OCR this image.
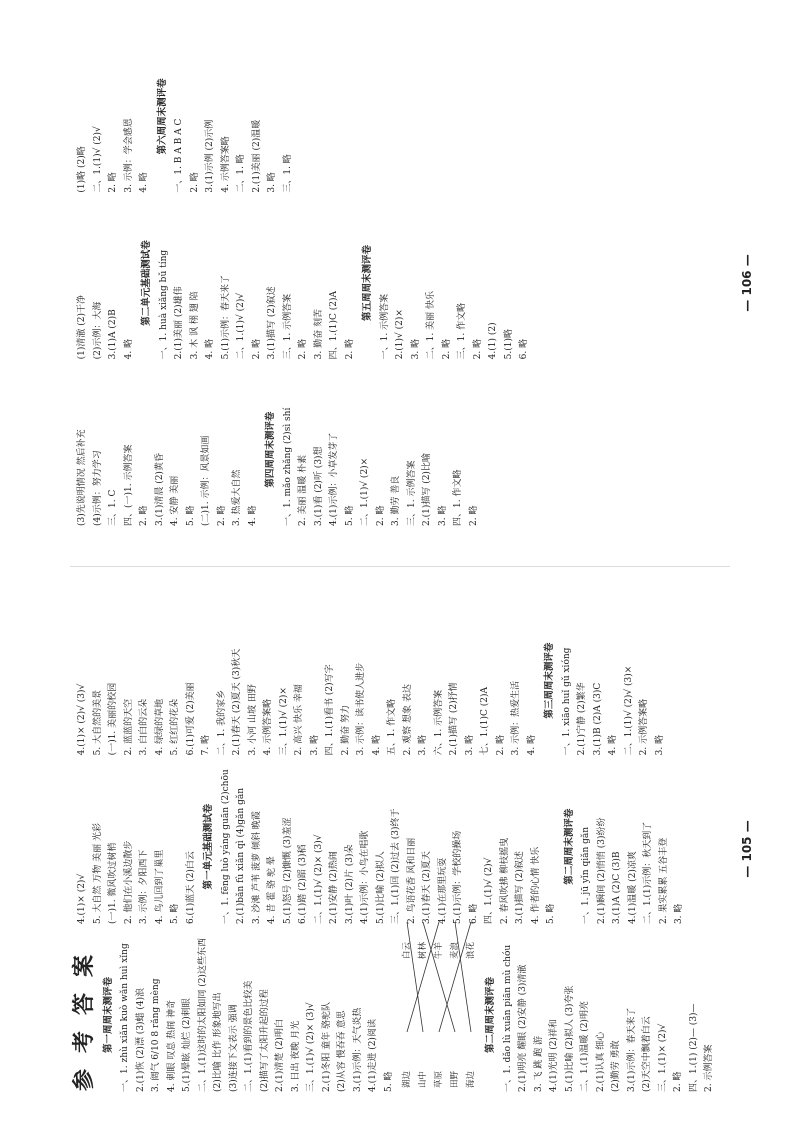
参考答案 第一周周末测评卷 一、1. zhù xiǎn kuò wǎn huì xǐng 2.(1)恢 (2)漂 (3)蜡 (4)浪 3. 阔气 6/10 8 rǎng mèng 4. 刺眼 叹息 热闹 神奇 5.(1)晕眩 灿烂 (2)刺眼 二、1.(1)这时的太阳如同 (2)这些东西 (2)比喻 比作 形象地写出 (3)连接下文表示 强调 二、1.(1)看到的景色比较美 (2)描写了太阳升起的过程 2.(1)清楚 (2)明白 3. 日出 夜晚 月光 三、1.(1)√ (2)× (3)√ 2.(1)冬阳 童年 骆驼队 (2)从容 慢吞吞 意思 3.(1)示例：天气炎热 4.(1)走进 (2)阅读 5. 略	湖边 山中 草原 田野 海边
白云 树林 牛羊 麦浪 浪花
第二周周末测评卷 一、1. dǎo lù xuān piān mù chóu 2.(1)明亮 耀眼 (2)安静 (3)清澈 3. 飞 跳 跑 游 4.(1)光明 (2)祥和 5.(1)比喻 (2)拟人 (3)夸张 二、1.(1)温暖 (2)明亮 2.(1)认真 细心 (2)勤劳 勇敢 3.(1)示例：春天来了 (2)天空中飘着白云 三、1.(1)× (2)√ 2. 略 四、1.(1) (2)— (3)— 2. 示例答案

4.(1)× (2)√ 5. 大自然 万物 美丽 光彩 (一)1. 微风吹过树梢 2. 他们在小溪边散步 3. 示例：夕阳西下 4. 鸟儿回到了巢里 5. 略 6.(1)蓝天 (2)白云 第一单元基础测试卷 一、1. fēng luò yáng guān (2)chōu 2.(1)bǎn fù xiǎn qì (4)gǎn gǎn 3. 沙滩 芦苇 菠萝 倾斜 晚霞 4. 昔 霍 骆 驼 晕 5.(1)怒号 (2)慷慨 (3)羞涩 6.(1)踏 (2)蹈 (3)稻 二、1.(1)√ (2)× (3)√ 2.(1)安静 (2)热闹 3.(1)叶 (2)片 (3)朵 4.(1)示例：小鸟在唱歌 5.(1)比喻 (2)拟人 三、1.(1)回 (2)过去 (3)终于 2. 鸟语花香 风和日丽 3.(1)春天 (2)夏天 4.(1)在那里玩耍 5.(1)示例：学校的操场 6. 略 四、1.(1)√ (2)√ 2. 春风吹拂 柳枝摇曳 3.(1)描写 (2)叙述 4. 作者的心情 快乐 5. 略

第二周周末测评卷 一、1. jū yǐn qiǎn gǎn 2.(1)瞬间 (2)悄悄 (3)纷纷 3.(1)A (2)C (3)B 4.(1)温暖 (2)凉爽 二、1.(1)示例：秋天到了 2. 果实累累 五谷丰登 3. 略

4.(1)× (2)√ (3)√ 5. 大自然的美景 (一)1. 美丽的校园 2. 蓝蓝的天空 3. 白白的云朵 4. 绿绿的草地 5. 红红的花朵 6.(1)可爱 (2)美丽 7. 略 二、1. 我的家乡 2.(1)春天 (2)夏天 (3)秋天 3. 小河 山坡 田野 4. 示例答案略 三、1.(1)√ (2)× 2. 高兴 快乐 幸福 3. 略 四、1.(1)看书 (2)写字 2. 勤奋 努力 3. 示例：读书使人进步 4. 略 五、1. 作文略 2. 观察 想象 表达 3. 略 六、1. 示例答案 2.(1)描写 (2)抒情 3. 略 七、1.(1)C (2)A 2. 略 3. 示例：热爱生活 4. 略

第三周周末测评卷 一、1. xiāo huǐ gǔ xióng 2.(1)宁静 (2)繁华 3.(1)B (2)A (3)C 4. 略 二、1.(1)√ (2)√ (3)× 2. 示例答案略 3. 略

— 105 —

(3)先说明情况 然后补充 (4)示例：努力学习 三、1. C 四、(一)1. 示例答案 2. 略 3.(1)清晨 (2)黄昏 4. 安静 美丽 5. 略 (二)1. 示例：风景如画 2. 略 3. 热爱大自然 4. 略

第四周周末测评卷 一、1. mǎo zhǎng (2)sì shí 2. 美丽 温暖 朴素 3.(1)看 (2)听 (3)想 4.(1)示例：小草发芽了 5. 略 二、1.(1)√ (2)× 2. 略 3. 勤劳 善良 三、1. 示例答案 2.(1)描写 (2)比喻 3. 略 四、1. 作文略 2. 略

(1)清澈 (2)干净 (2)示例：大海 3.(1)A (2)B 4. 略

第二单元基础测试卷 一、1. huà xiǎng bǔ tíng 2.(1)美丽 (2)雄伟 3. 木 讽 栩 翅 陪 4. 略 5.(1)示例：春天来了 二、1.(1)√ (2)√ 2. 略 3.(1)描写 (2)叙述 三、1. 示例答案 2. 略 3. 勤奋 刻苦 四、1.(1)C (2)A 2. 略

第五周周末测评卷

一、1. 示例答案 2.(1)√ (2)× 3. 略 二、1. 美丽 快乐 2. 略 三、1. 作文略 2. 略 4.(1) (2) 5.(1)略 6. 略

(1)略 (2)略 二、1.(1)√ (2)√ 2. 略 3. 示例：学会感恩 4. 略

第六周周末测评卷

一、1. B A B A C 2. 略 3.(1)示例 (2)示例 4. 示例答案略 二、1. 略 2.(1)美丽 (2)温暖 3. 略 三、1. 略

— 106 —
